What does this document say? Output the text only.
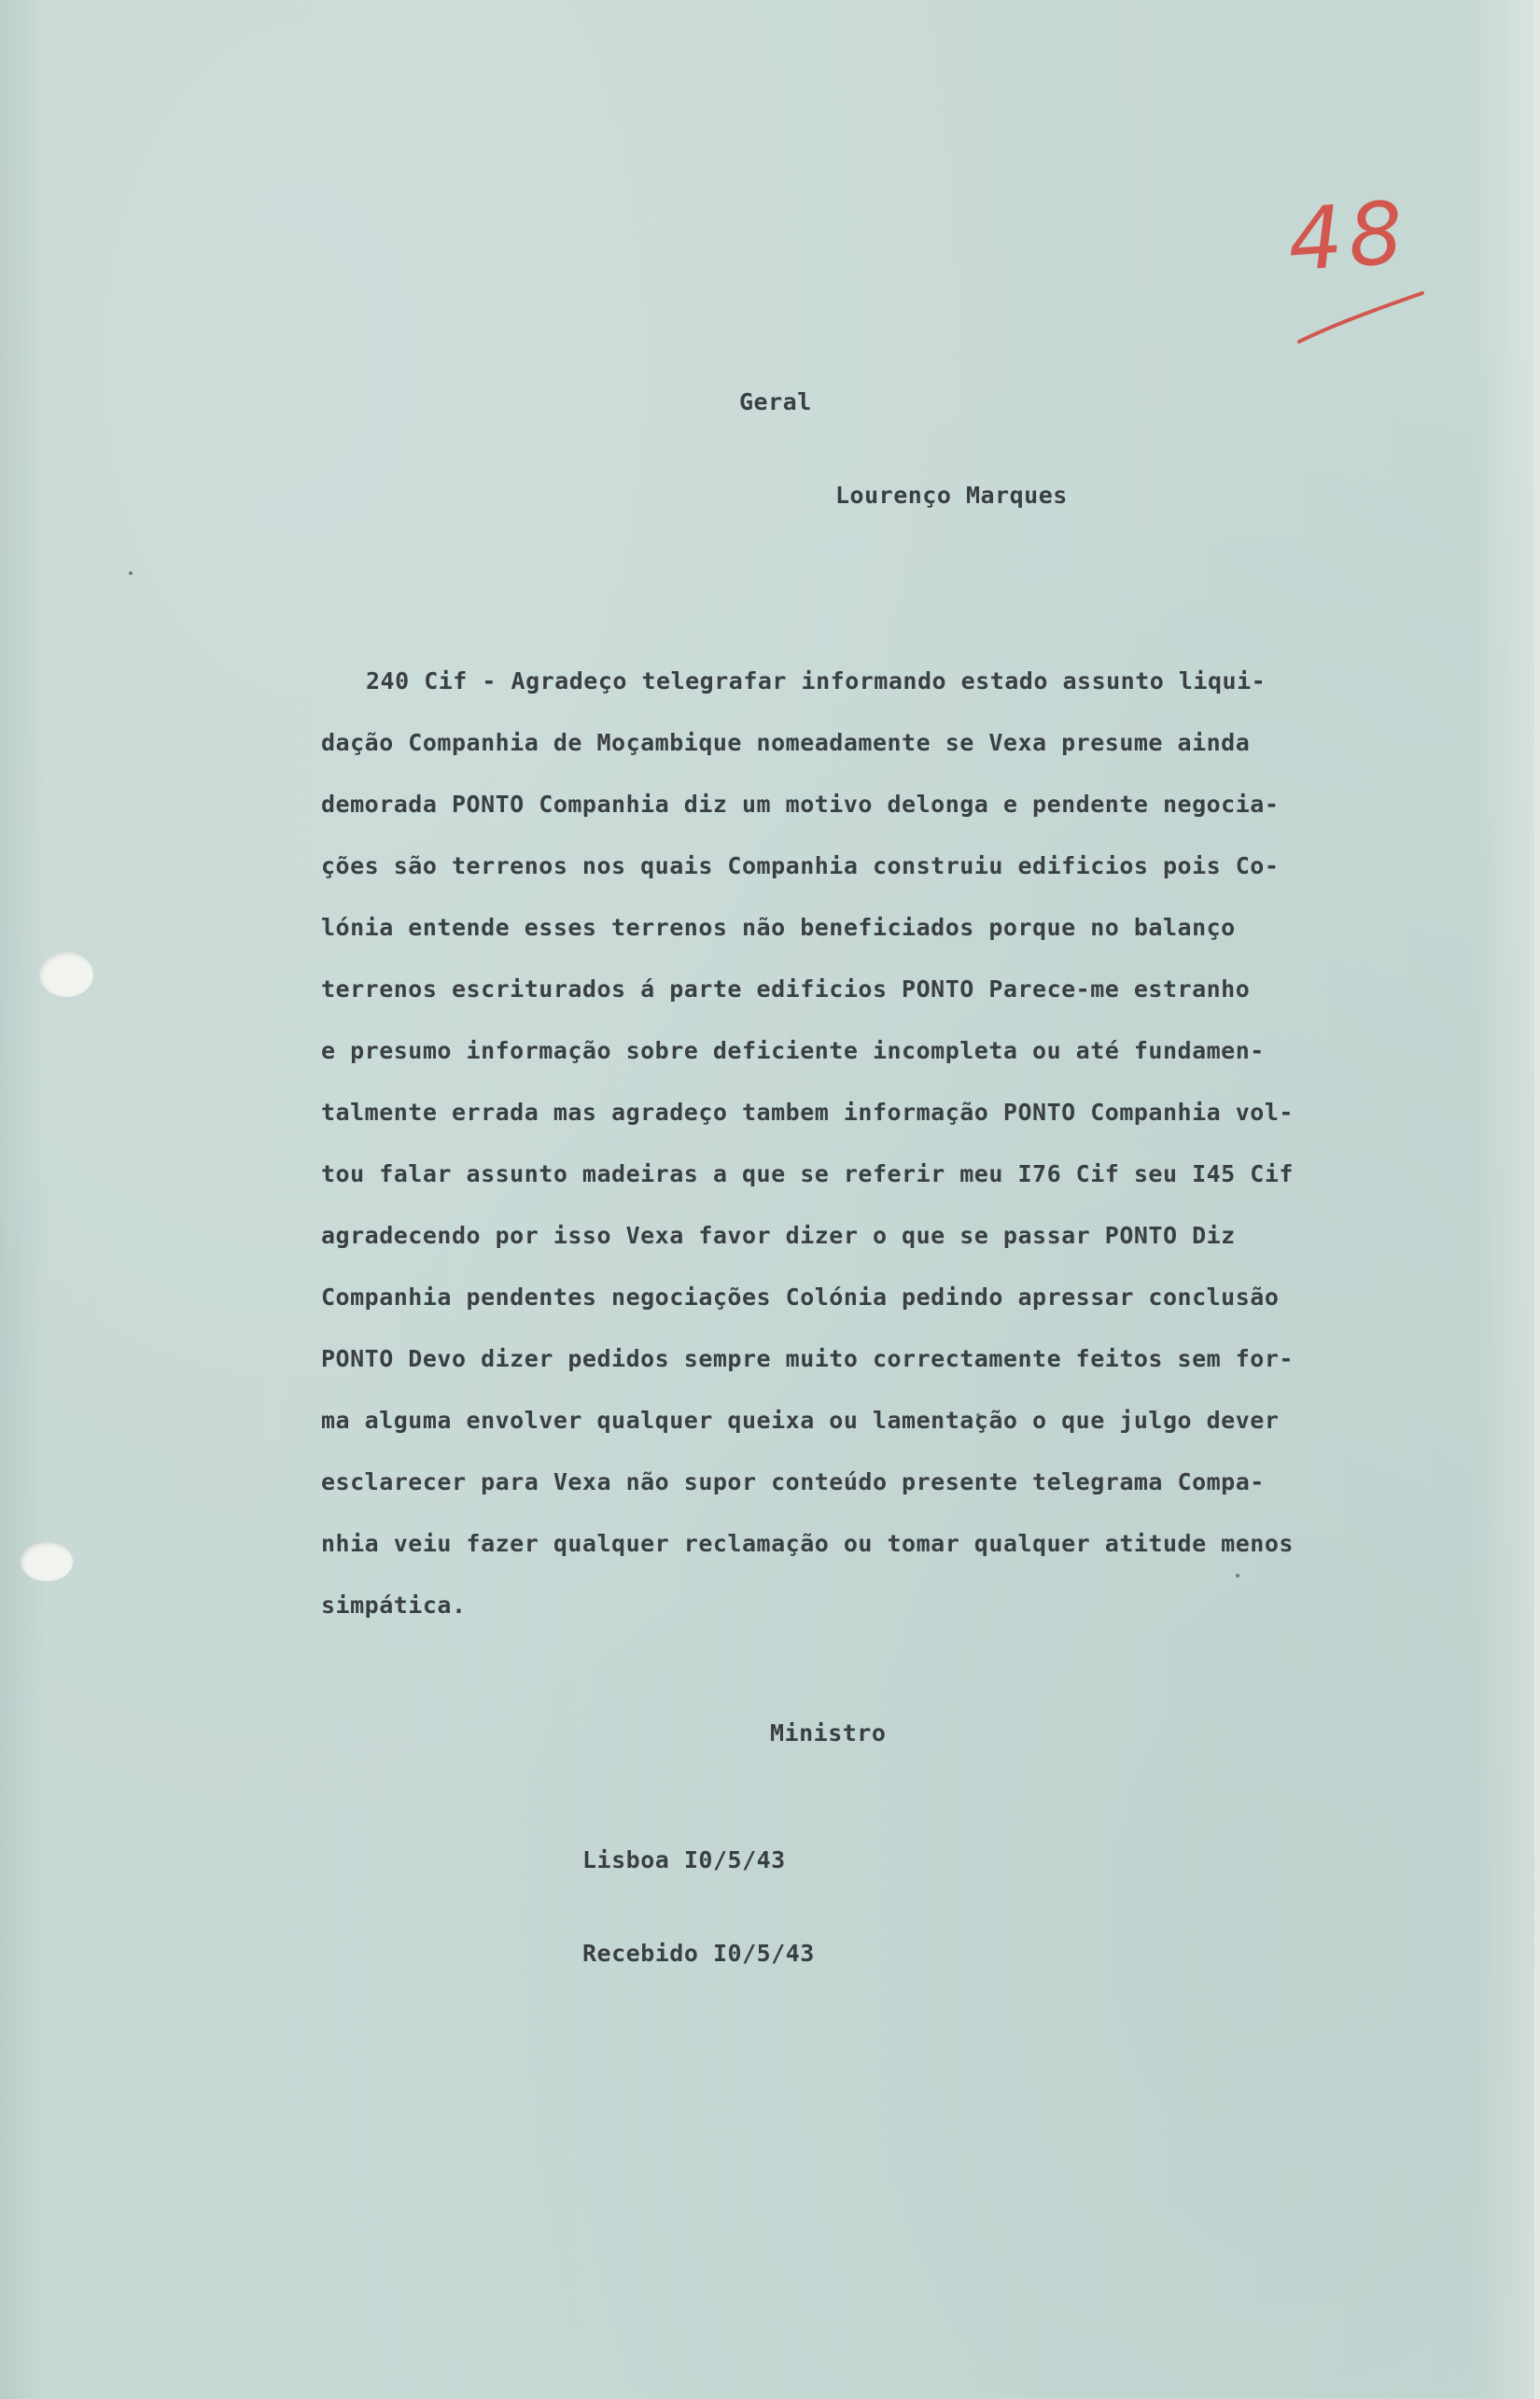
48
Geral
Lourenço Marques
240 Cif - Agradeço telegrafar informando estado assunto liqui-
dação Companhia de Moçambique nomeadamente se Vexa presume ainda
demorada PONTO Companhia diz um motivo delonga e pendente negocia-
ções são terrenos nos quais Companhia construiu edificios pois Co-
lónia entende esses terrenos não beneficiados porque no balanço
terrenos escriturados á parte edificios PONTO Parece-me estranho
e presumo informação sobre deficiente incompleta ou até fundamen-
talmente errada mas agradeço tambem informação PONTO Companhia vol-
tou falar assunto madeiras a que se referir meu I76 Cif seu I45 Cif
agradecendo por isso Vexa favor dizer o que se passar PONTO Diz
Companhia pendentes negociações Colónia pedindo apressar conclusão
PONTO Devo dizer pedidos sempre muito correctamente feitos sem for-
ma alguma envolver qualquer queixa ou lamentação o que julgo dever
esclarecer para Vexa não supor conteúdo presente telegrama Compa-
nhia veiu fazer qualquer reclamação ou tomar qualquer atitude menos
simpática.
Ministro
Lisboa I0/5/43
Recebido I0/5/43
